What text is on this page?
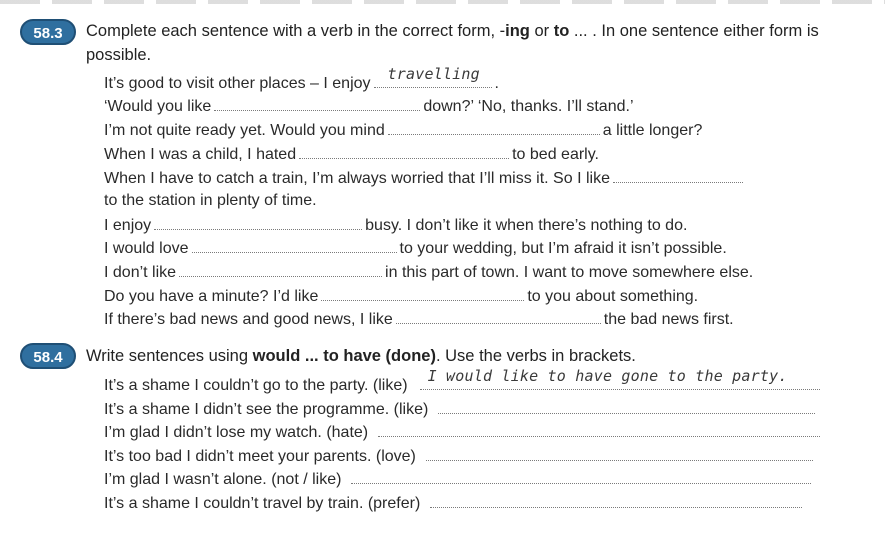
58.3	Complete each sentence with a verb in the correct form, -ing or to ... . In one sentence either form is possible.
It’s good to visit other places – I enjoy
travelling
.
‘Would you like	down?’ ‘No, thanks. I’ll stand.’
I’m not quite ready yet. Would you mind	a little longer?
When I was a child, I hated	to bed early.
When I have to catch a train, I’m always worried that I’ll miss it. So I like
to the station in plenty of time.
I enjoy	busy. I don’t like it when there’s nothing to do.
I would love	to your wedding, but I’m afraid it isn’t possible.
I don’t like	in this part of town. I want to move somewhere else.
Do you have a minute? I’d like	to you about something.
If there’s bad news and good news, I like	the bad news first.
58.4	Write sentences using would ... to have (done). Use the verbs in brackets.
It’s a shame I couldn’t go to the party. (like)
I would like to have gone to the party.
It’s a shame I didn’t see the programme. (like)
I’m glad I didn’t lose my watch. (hate)
It’s too bad I didn’t meet your parents. (love)
I’m glad I wasn’t alone. (not / like)
It’s a shame I couldn’t travel by train. (prefer)
